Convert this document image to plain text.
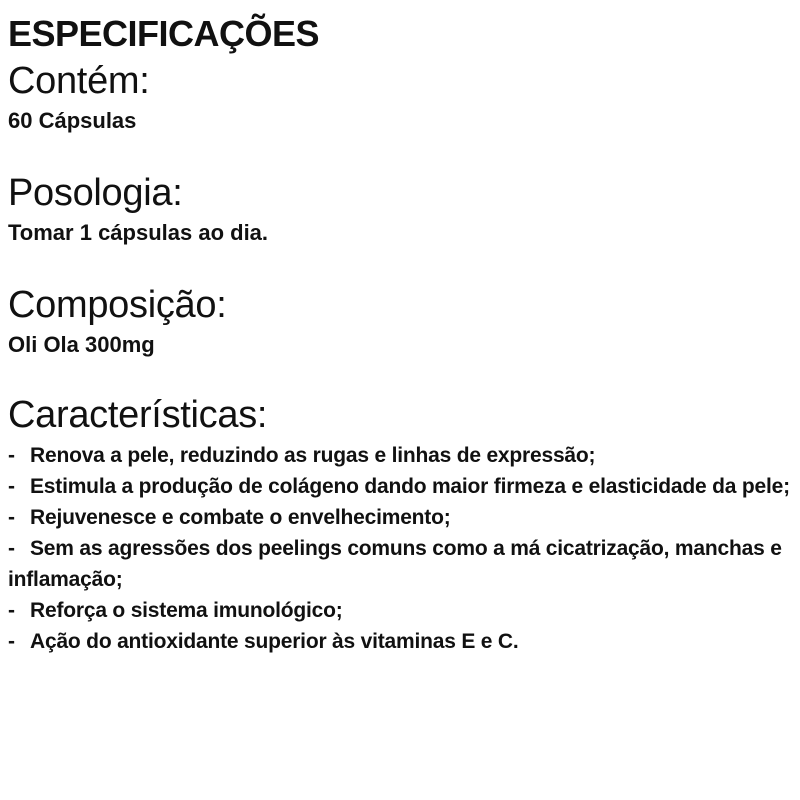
ESPECIFICAÇÕES
Contém:

60 Cápsulas

Posologia:

Tomar 1 cápsulas ao dia.

Composição:

Oli Ola 300mg

Características:
- Renova a pele, reduzindo as rugas e linhas de expressão;
- Estimula a produção de colágeno dando maior firmeza e elasticidade da pele;
- Rejuvenesce e combate o envelhecimento;
- Sem as agressões dos peelings comuns como a má cicatrização, manchas e inflamação;
- Reforça o sistema imunológico;
- Ação do antioxidante superior às vitaminas E e C.
